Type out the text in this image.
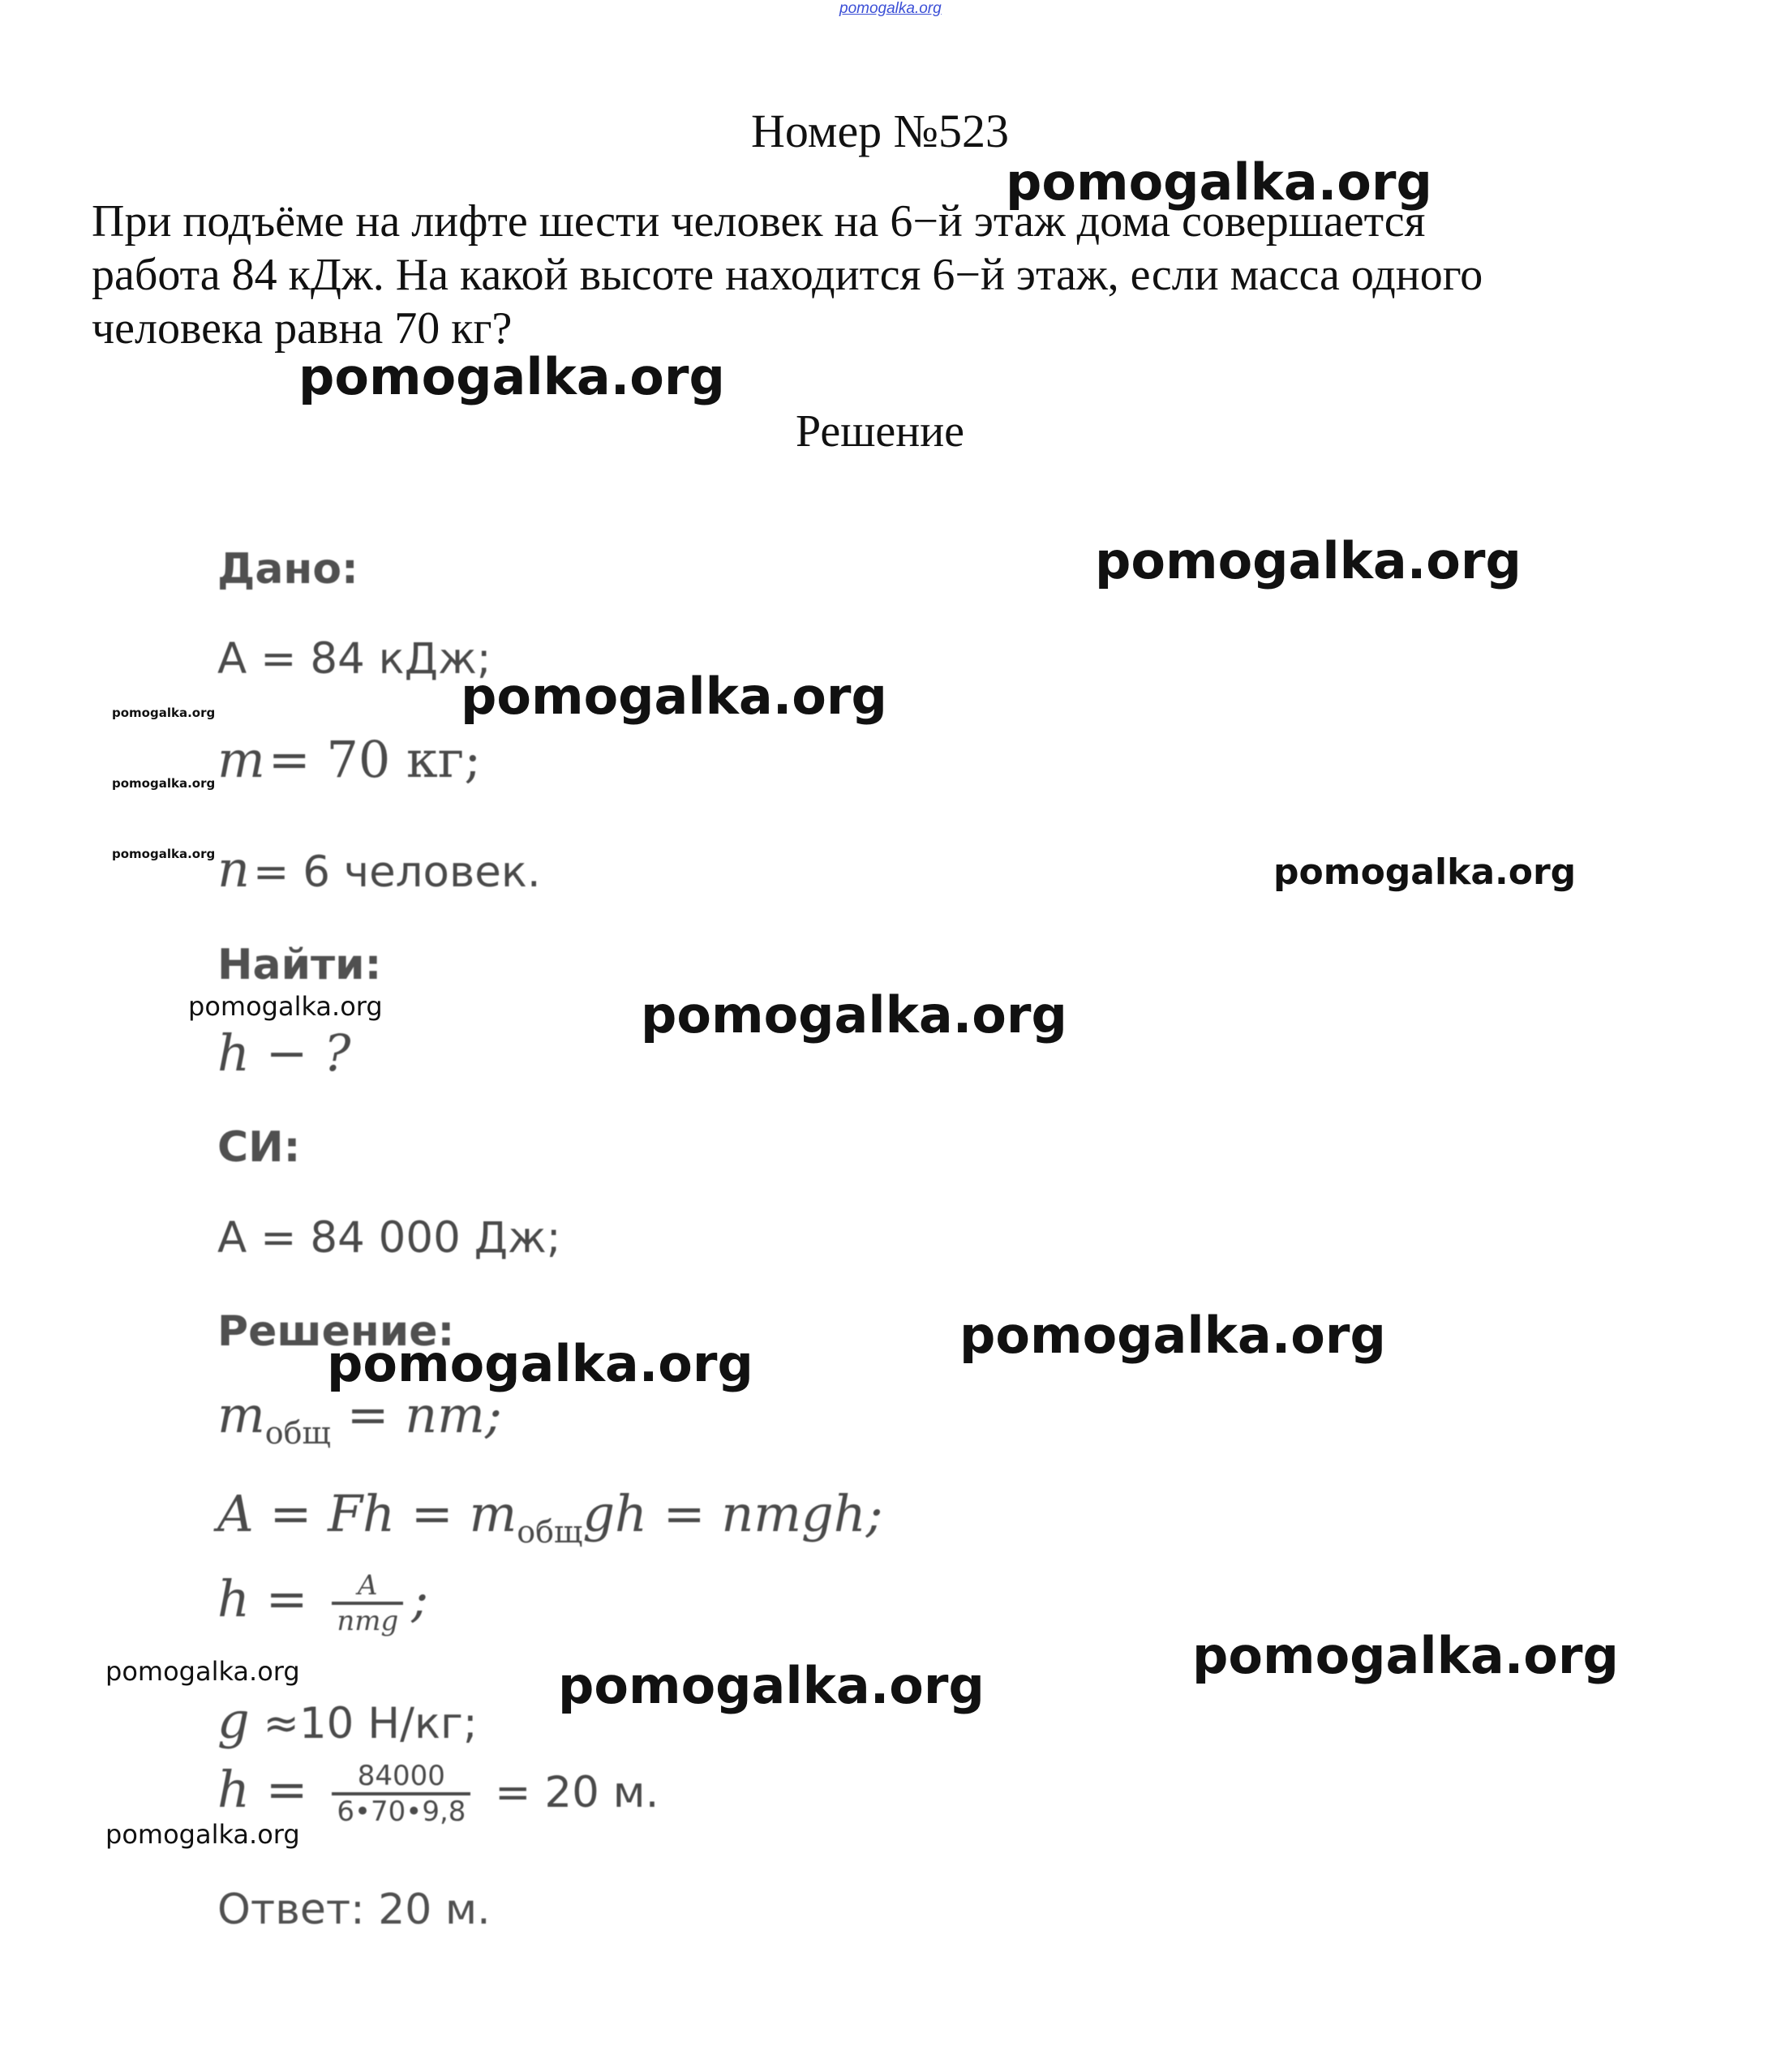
pomogalka.org
Номер №523
При подъёме на лифте шести человек на 6−й этаж дома совершается
работа 84 кДж. На какой высоте находится 6−й этаж, если масса одного
человека равна 70 кг?
Решение
Дано:
A = 84 кДж;
m = 70 кг;
n = 6 человек.
Найти:
h − ?
СИ:
A = 84 000 Дж;
Решение:
$m_{общ}$ = nm;
$A = Fh = m_{общ}gh$ = nmgh;
$h = \frac{A}{\text{nmg}}$ ;
g ≈10 Н/кг;
$h = \frac{84000}{6•70•9,8} = 20$ м.
Ответ: 20 м.
pomogalka.org
pomogalka.org
pomogalka.org
pomogalka.org
pomogalka.org
pomogalka.org
pomogalka.org	pomogalka.org
pomogalka.org	pomogalka.org
pomogalka.org
pomogalka.org
pomogalka.org
pomogalka.org	pomogalka.org
pomogalka.org
